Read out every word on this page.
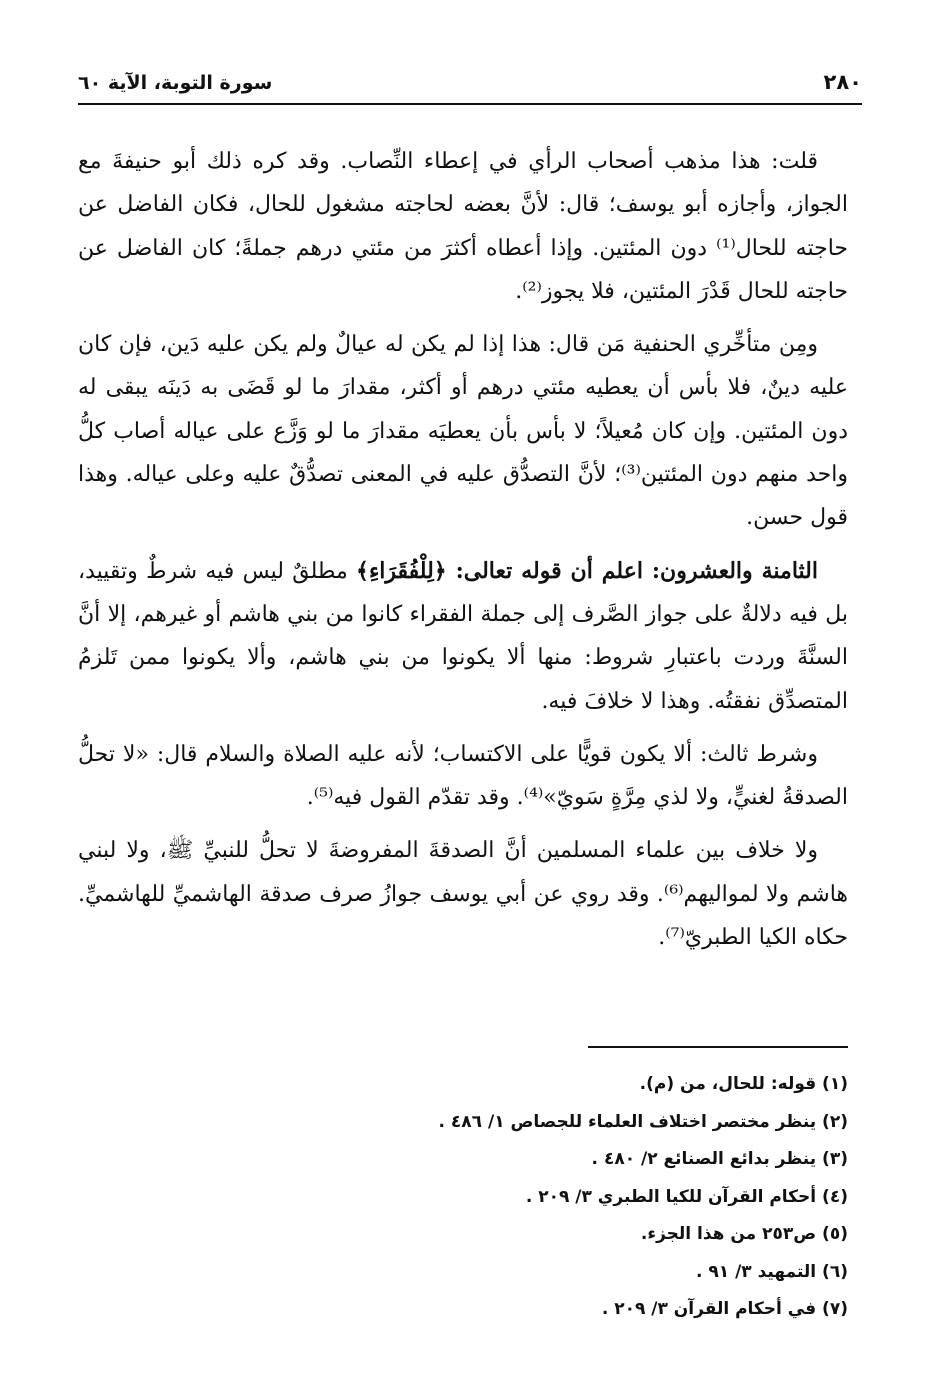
٢٨٠
سورة التوبة، الآية ٦٠

قلت: هذا مذهب أصحاب الرأي في إعطاء النِّصاب. وقد كره ذلك أبو حنيفةَ مع الجواز، وأجازه أبو يوسف؛ قال: لأنَّ بعضه لحاجته مشغول للحال، فكان الفاضل عن حاجته للحال⁽¹⁾ دون المئتين. وإذا أعطاه أكثرَ من مئتي درهم جملةً؛ كان الفاضل عن حاجته للحال قَدْرَ المئتين، فلا يجوز⁽²⁾.

ومِن متأخِّري الحنفية مَن قال: هذا إذا لم يكن له عيالٌ ولم يكن عليه دَين، فإن كان عليه دينٌ، فلا بأس أن يعطيه مئتي درهم أو أكثر، مقدارَ ما لو قَضَى به دَينَه يبقى له دون المئتين. وإن كان مُعيلاً؛ لا بأس بأن يعطيَه مقدارَ ما لو وَزَّع على عياله أصاب كلُّ واحد منهم دون المئتين⁽³⁾؛ لأنَّ التصدُّق عليه في المعنى تصدُّقٌ عليه وعلى عياله. وهذا قول حسن.

الثامنة والعشرون: اعلم أن قوله تعالى: ﴿لِلْفُقَرَاءِ﴾ مطلقٌ ليس فيه شرطٌ وتقييد، بل فيه دلالةٌ على جواز الصَّرف إلى جملة الفقراء كانوا من بني هاشم أو غيرهم، إلا أنَّ السنَّةَ وردت باعتبارِ شروط: منها ألا يكونوا من بني هاشم، وألا يكونوا ممن تَلزمُ المتصدِّق نفقتُه. وهذا لا خلافَ فيه.

وشرط ثالث: ألا يكون قويًّا على الاكتساب؛ لأنه عليه الصلاة والسلام قال: «لا تحلُّ الصدقةُ لغنيٍّ، ولا لذي مِرَّةٍ سَويّ»⁽⁴⁾. وقد تقدّم القول فيه⁽⁵⁾.

ولا خلاف بين علماء المسلمين أنَّ الصدقةَ المفروضةَ لا تحلُّ للنبيِّ ﷺ، ولا لبني هاشم ولا لمواليهم⁽⁶⁾. وقد روي عن أبي يوسف جوازُ صرف صدقة الهاشميِّ للهاشميِّ. حكاه الكيا الطبريّ⁽⁷⁾.

(١) قوله: للحال، من (م).
(٢) ينظر مختصر اختلاف العلماء للجصاص ١/ ٤٨٦ .
(٣) ينظر بدائع الصنائع ٢/ ٤٨٠ .
(٤) أحكام القرآن للكيا الطبري ٣/ ٢٠٩ .
(٥) ص٢٥٣ من هذا الجزء.
(٦) التمهيد ٣/ ٩١ .
(٧) في أحكام القرآن ٣/ ٢٠٩ .
